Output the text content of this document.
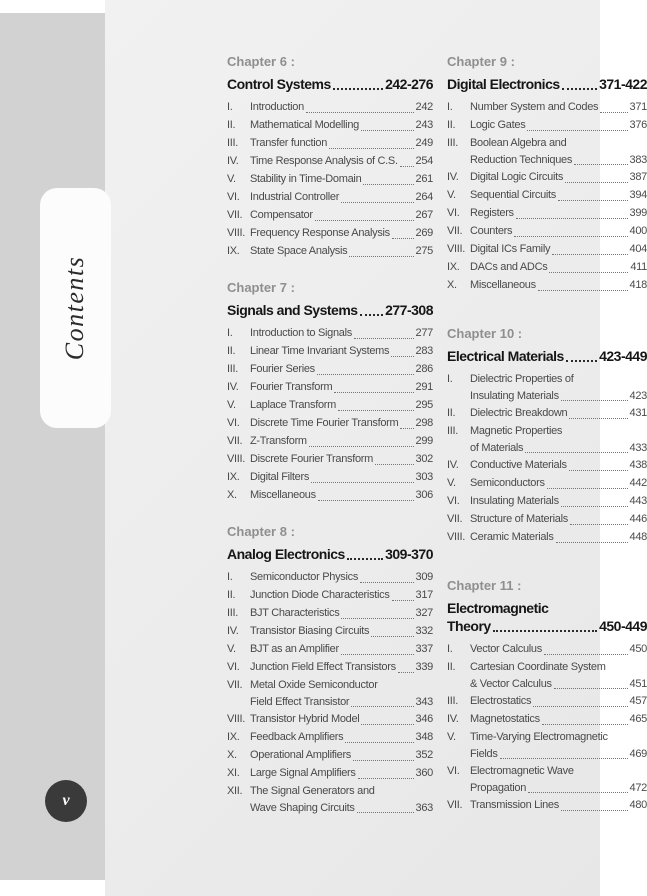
Chapter 6 :
Control Systems	242-276
I.	Introduction	242
II.	Mathematical Modelling	243
III.	Transfer function	249
IV.	Time Response Analysis of C.S. 254
V.	Stability in Time-Domain	261
VI. Industrial Controller	264
VII. Compensator	267
VIII. Frequency Response Analysis 269
IX. State Space Analysis	275
Chapter 7 :
Signals and Systems 277-308
I.	Introduction to Signals	277
II.	Linear Time Invariant Systems 283
III.	Fourier Series	286
IV.	Fourier Transform	291
V.	Laplace Transform	295
VI. Discrete Time Fourier Transform 298
VII. Z-Transform	299
VIII. Discrete Fourier Transform	302
IX. Digital Filters	303
X.	Miscellaneous	306
Chapter 8 :
Analog Electronics	309-370
I.	Semiconductor Physics	309
II.	Junction Diode Characteristics 317
III.	BJT Characteristics	327
IV.	Transistor Biasing Circuits	332
V.	BJT as an Amplifier	337
VI. Junction Field Effect Transistors 339
VII. Metal Oxide Semiconductor
Field Effect Transistor	343
VIII. Transistor Hybrid Model	346
IX. Feedback Amplifiers	348
X.	Operational Amplifiers	352
XI. Large Signal Amplifiers	360
XII. The Signal Generators and
Wave Shaping Circuits	363
Chapter 9 :
Digital Electronics	371-422
I.	Number System and Codes	371
II.	Logic Gates	376
III.	Boolean Algebra and
Reduction Techniques	383
IV.	Digital Logic Circuits	387
V.	Sequential Circuits	394
VI. Registers	399
VII. Counters	400
VIII. Digital ICs Family	404
IX. DACs and ADCs	411
X.	Miscellaneous	418
Chapter 10 :
Electrical Materials	423-449
I.	Dielectric Properties of
Insulating Materials	423
II.	Dielectric Breakdown	431
III.	Magnetic Properties
of Materials	433
IV.	Conductive Materials	438
V.	Semiconductors	442
VI. Insulating Materials	443
VII. Structure of Materials	446
VIII. Ceramic Materials	448
Chapter 11 :
Electromagnetic
Theory	450-449
I.	Vector Calculus	450
II.	Cartesian Coordinate System
& Vector Calculus	451
III.	Electrostatics	457
IV.	Magnetostatics	465
V.	Time-Varying Electromagnetic
Fields	469
VI. Electromagnetic Wave
Propagation	472
VII. Transmission Lines	480
Contents
v
